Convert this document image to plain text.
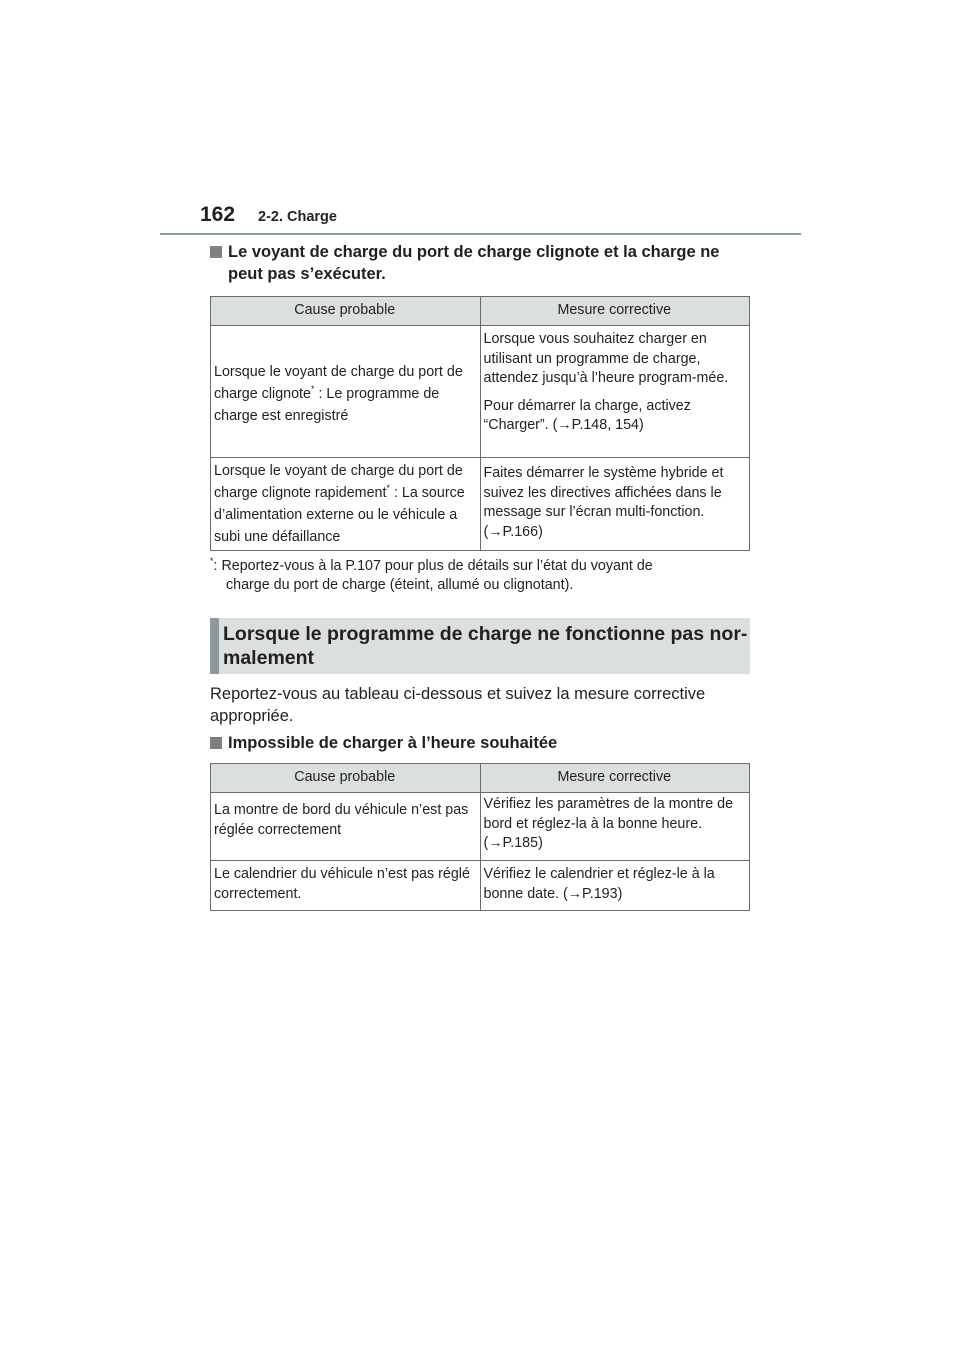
162 2-2. Charge
Le voyant de charge du port de charge clignote et la charge ne peut pas s’exécuter.
Cause probable	Mesure corrective
Lorsque le voyant de charge du port de charge clignote* : Le programme de charge est enregistré	Lorsque vous souhaitez charger en utilisant un programme de charge, attendez jusqu’à l’heure program-mée.

Pour démarrer la charge, activez “Charger”. (→P.148, 154)

Lorsque le voyant de charge du port de charge clignote rapidement* : La source d’alimentation externe ou le véhicule a subi une défaillance	Faites démarrer le système hybride et suivez les directives affichées dans le message sur l’écran multi-fonction. (→P.166)
*: Reportez-vous à la P.107 pour plus de détails sur l’état du voyant de
charge du port de charge (éteint, allumé ou clignotant).
Lorsque le programme de charge ne fonctionne pas nor-malement
Reportez-vous au tableau ci-dessous et suivez la mesure corrective appropriée.
Impossible de charger à l’heure souhaitée
Cause probable	Mesure corrective
La montre de bord du véhicule n’est pas réglée correctement	Vérifiez les paramètres de la montre de bord et réglez-la à la bonne heure. (→P.185)
Le calendrier du véhicule n’est pas réglé correctement.	Vérifiez le calendrier et réglez-le à la bonne date. (→P.193)
